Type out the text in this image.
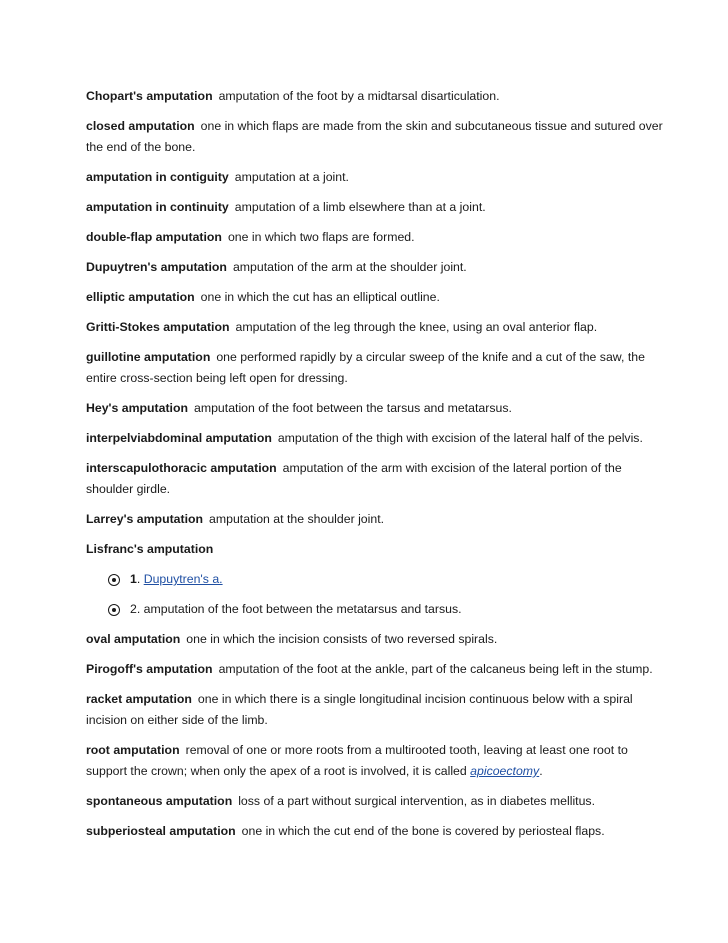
Chopart's amputation amputation of the foot by a midtarsal disarticulation.

closed amputation one in which flaps are made from the skin and subcutaneous tissue and sutured over the end of the bone.

amputation in contiguity amputation at a joint.

amputation in continuity amputation of a limb elsewhere than at a joint.

double-flap amputation one in which two flaps are formed.

Dupuytren's amputation amputation of the arm at the shoulder joint.

elliptic amputation one in which the cut has an elliptical outline.

Gritti-Stokes amputation amputation of the leg through the knee, using an oval anterior flap.

guillotine amputation one performed rapidly by a circular sweep of the knife and a cut of the saw, the entire cross-section being left open for dressing.

Hey's amputation amputation of the foot between the tarsus and metatarsus.

interpelviabdominal amputation amputation of the thigh with excision of the lateral half of the pelvis.

interscapulothoracic amputation amputation of the arm with excision of the lateral portion of the shoulder girdle.

Larrey's amputation amputation at the shoulder joint.

Lisfranc's amputation

1. Dupuytren's a.
2. amputation of the foot between the metatarsus and tarsus.

oval amputation one in which the incision consists of two reversed spirals.

Pirogoff's amputation amputation of the foot at the ankle, part of the calcaneus being left in the stump.

racket amputation one in which there is a single longitudinal incision continuous below with a spiral incision on either side of the limb.

root amputation removal of one or more roots from a multirooted tooth, leaving at least one root to support the crown; when only the apex of a root is involved, it is called apicoectomy.

spontaneous amputation loss of a part without surgical intervention, as in diabetes mellitus.

subperiosteal amputation one in which the cut end of the bone is covered by periosteal flaps.
